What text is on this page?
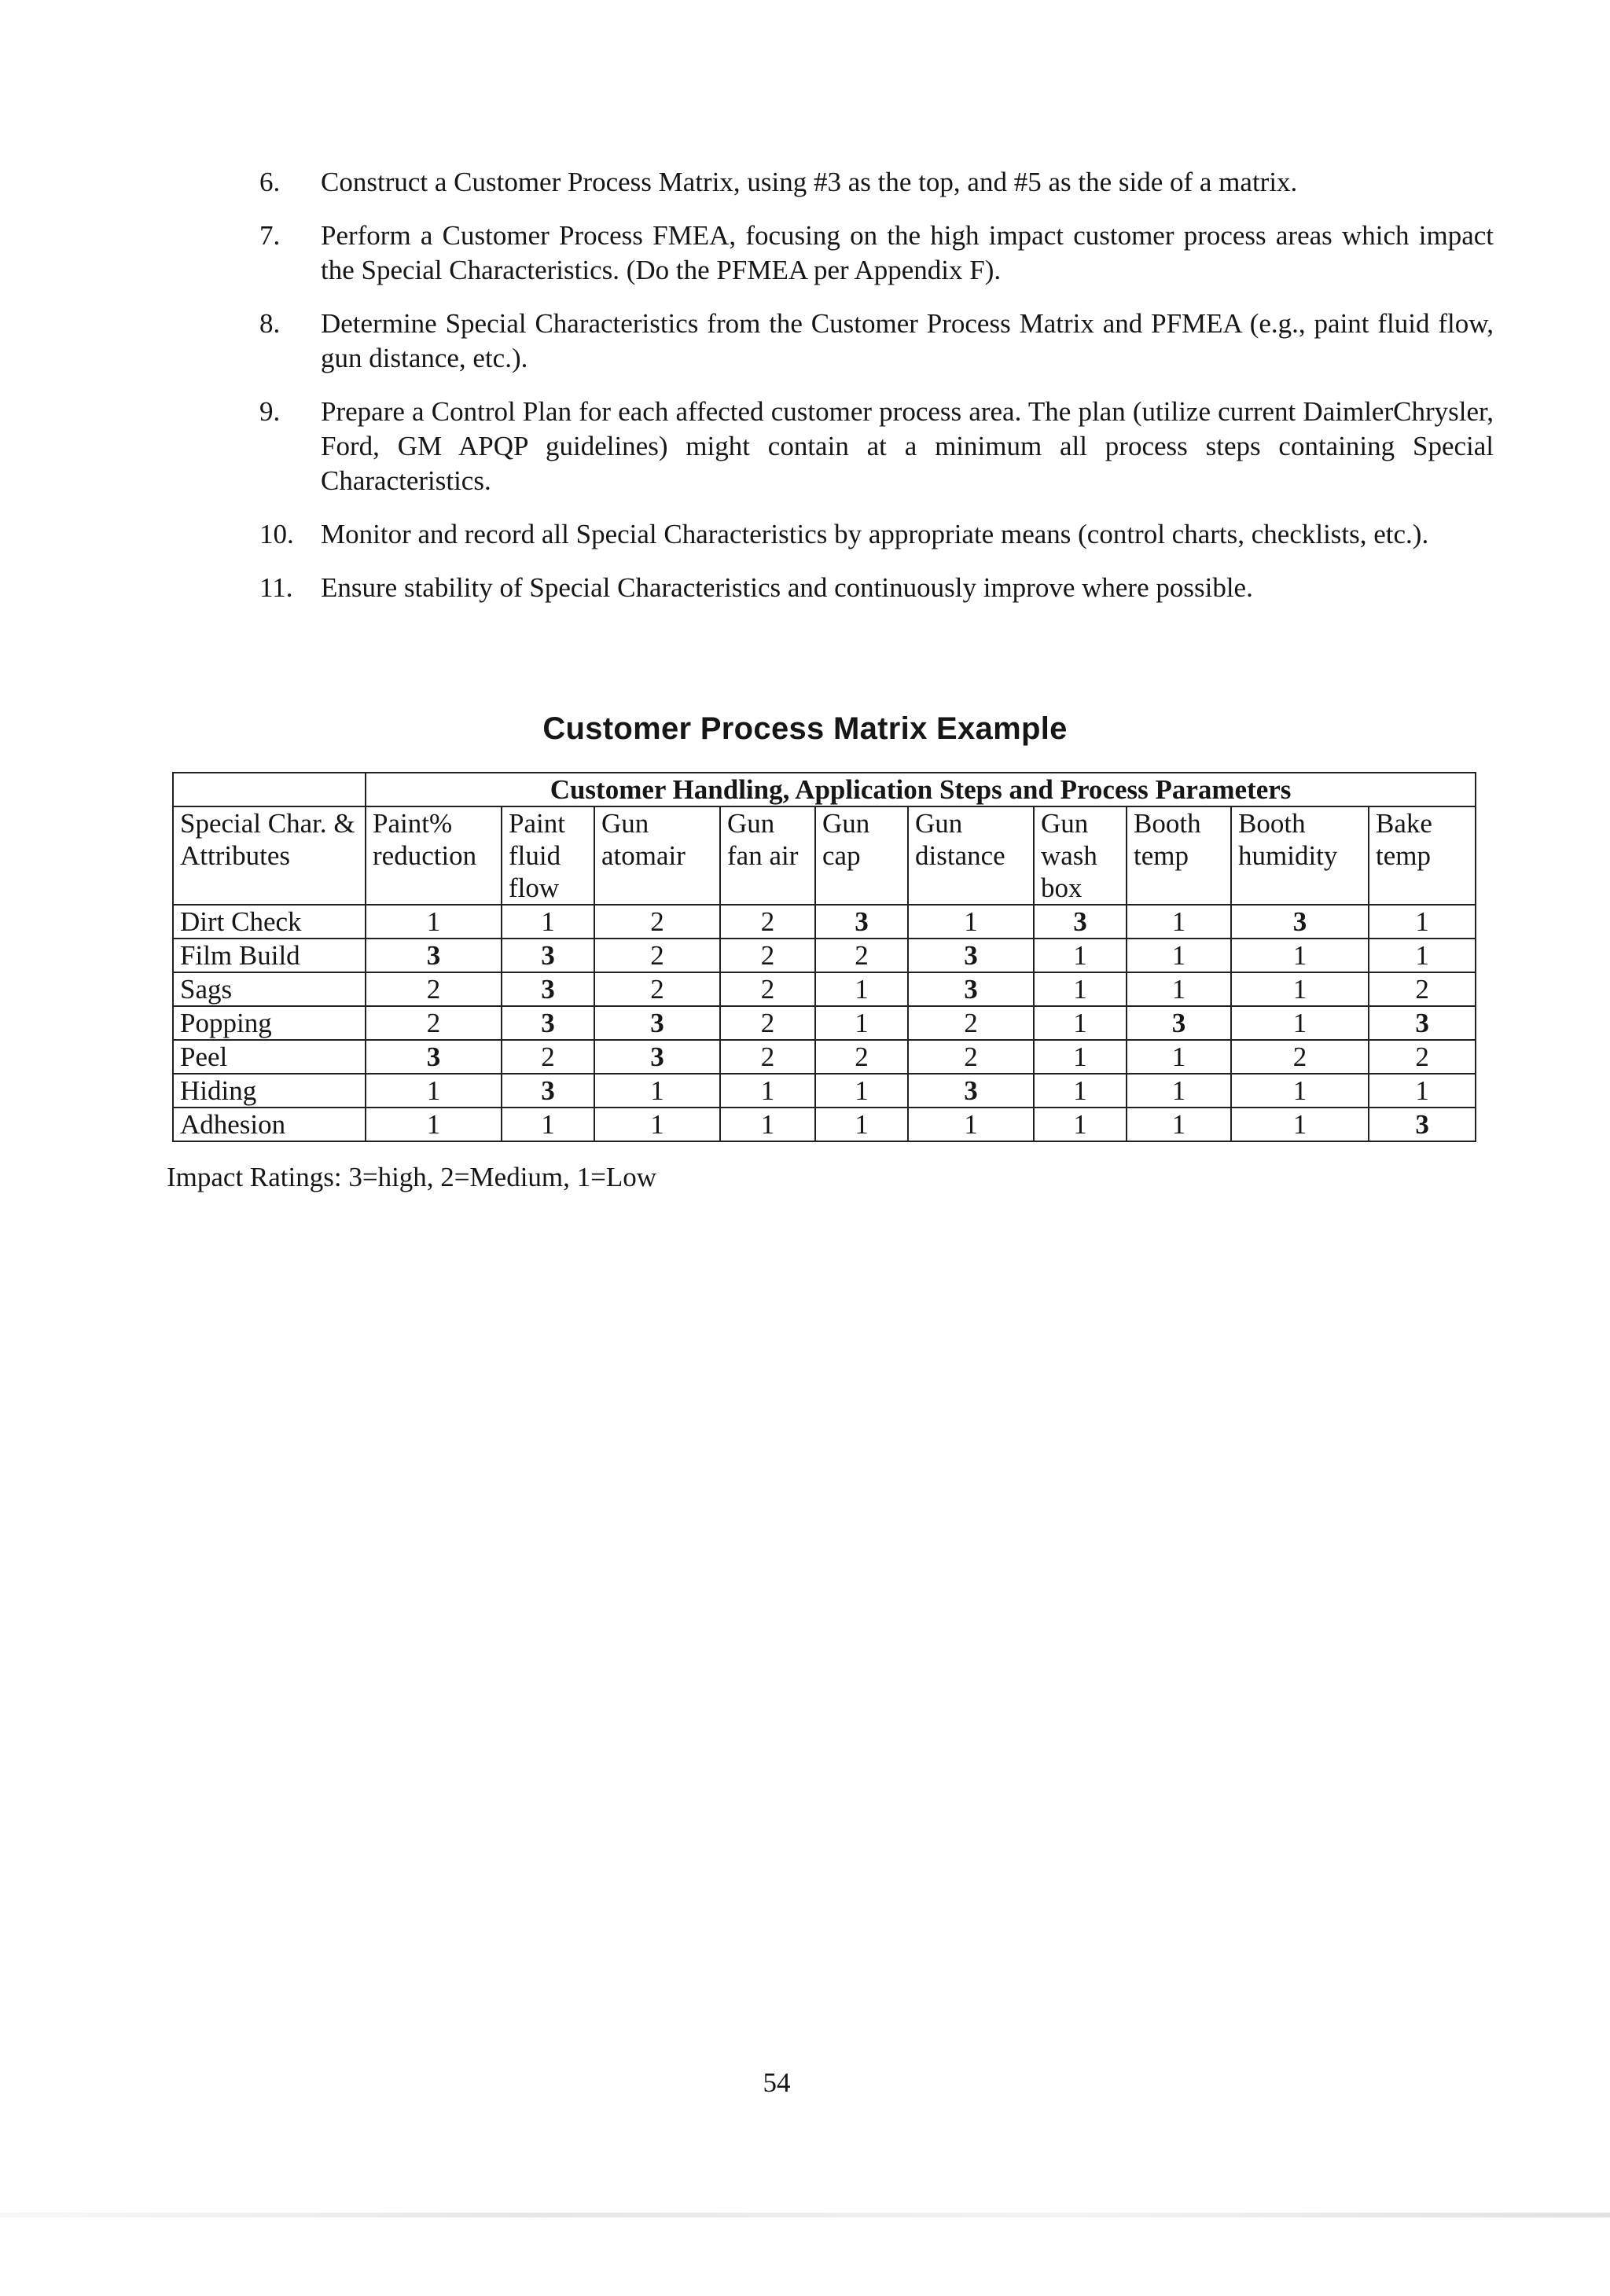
6.	Construct a Customer Process Matrix, using #3 as the top, and #5 as the side of a matrix.
7.	Perform a Customer Process FMEA, focusing on the high impact customer process areas which impact the Special Characteristics. (Do the PFMEA per Appendix F).
8.	Determine Special Characteristics from the Customer Process Matrix and PFMEA (e.g., paint fluid flow, gun distance, etc.).
9.	Prepare a Control Plan for each affected customer process area. The plan (utilize current DaimlerChrysler, Ford, GM APQP guidelines) might contain at a minimum all process steps containing Special Characteristics.
10. Monitor and record all Special Characteristics by appropriate means (control charts, checklists, etc.).
11.	Ensure stability of Special Characteristics and continuously improve where possible.
Customer Process Matrix Example
	Customer Handling, Application Steps and Process Parameters									
Special Char. & Attributes	Paint% reduction	Paint fluid flow	Gun atomair	Gun fan air	Gun cap	Gun distance	Gun wash box	Booth temp	Booth humidity	Bake temp
Dirt Check	1	1	2	2	3	1	3	1	3	1
Film Build	3	3	2	2	2	3	1	1	1	1
Sags	2	3	2	2	1	3	1	1	1	2
Popping	2	3	3	2	1	2	1	3	1	3
Peel	3	2	3	2	2	2	1	1	2	2
Hiding	1	3	1	1	1	3	1	1	1	1
Adhesion	1	1	1	1	1	1	1	1	1	3

Impact Ratings: 3=high, 2=Medium, 1=Low

54
